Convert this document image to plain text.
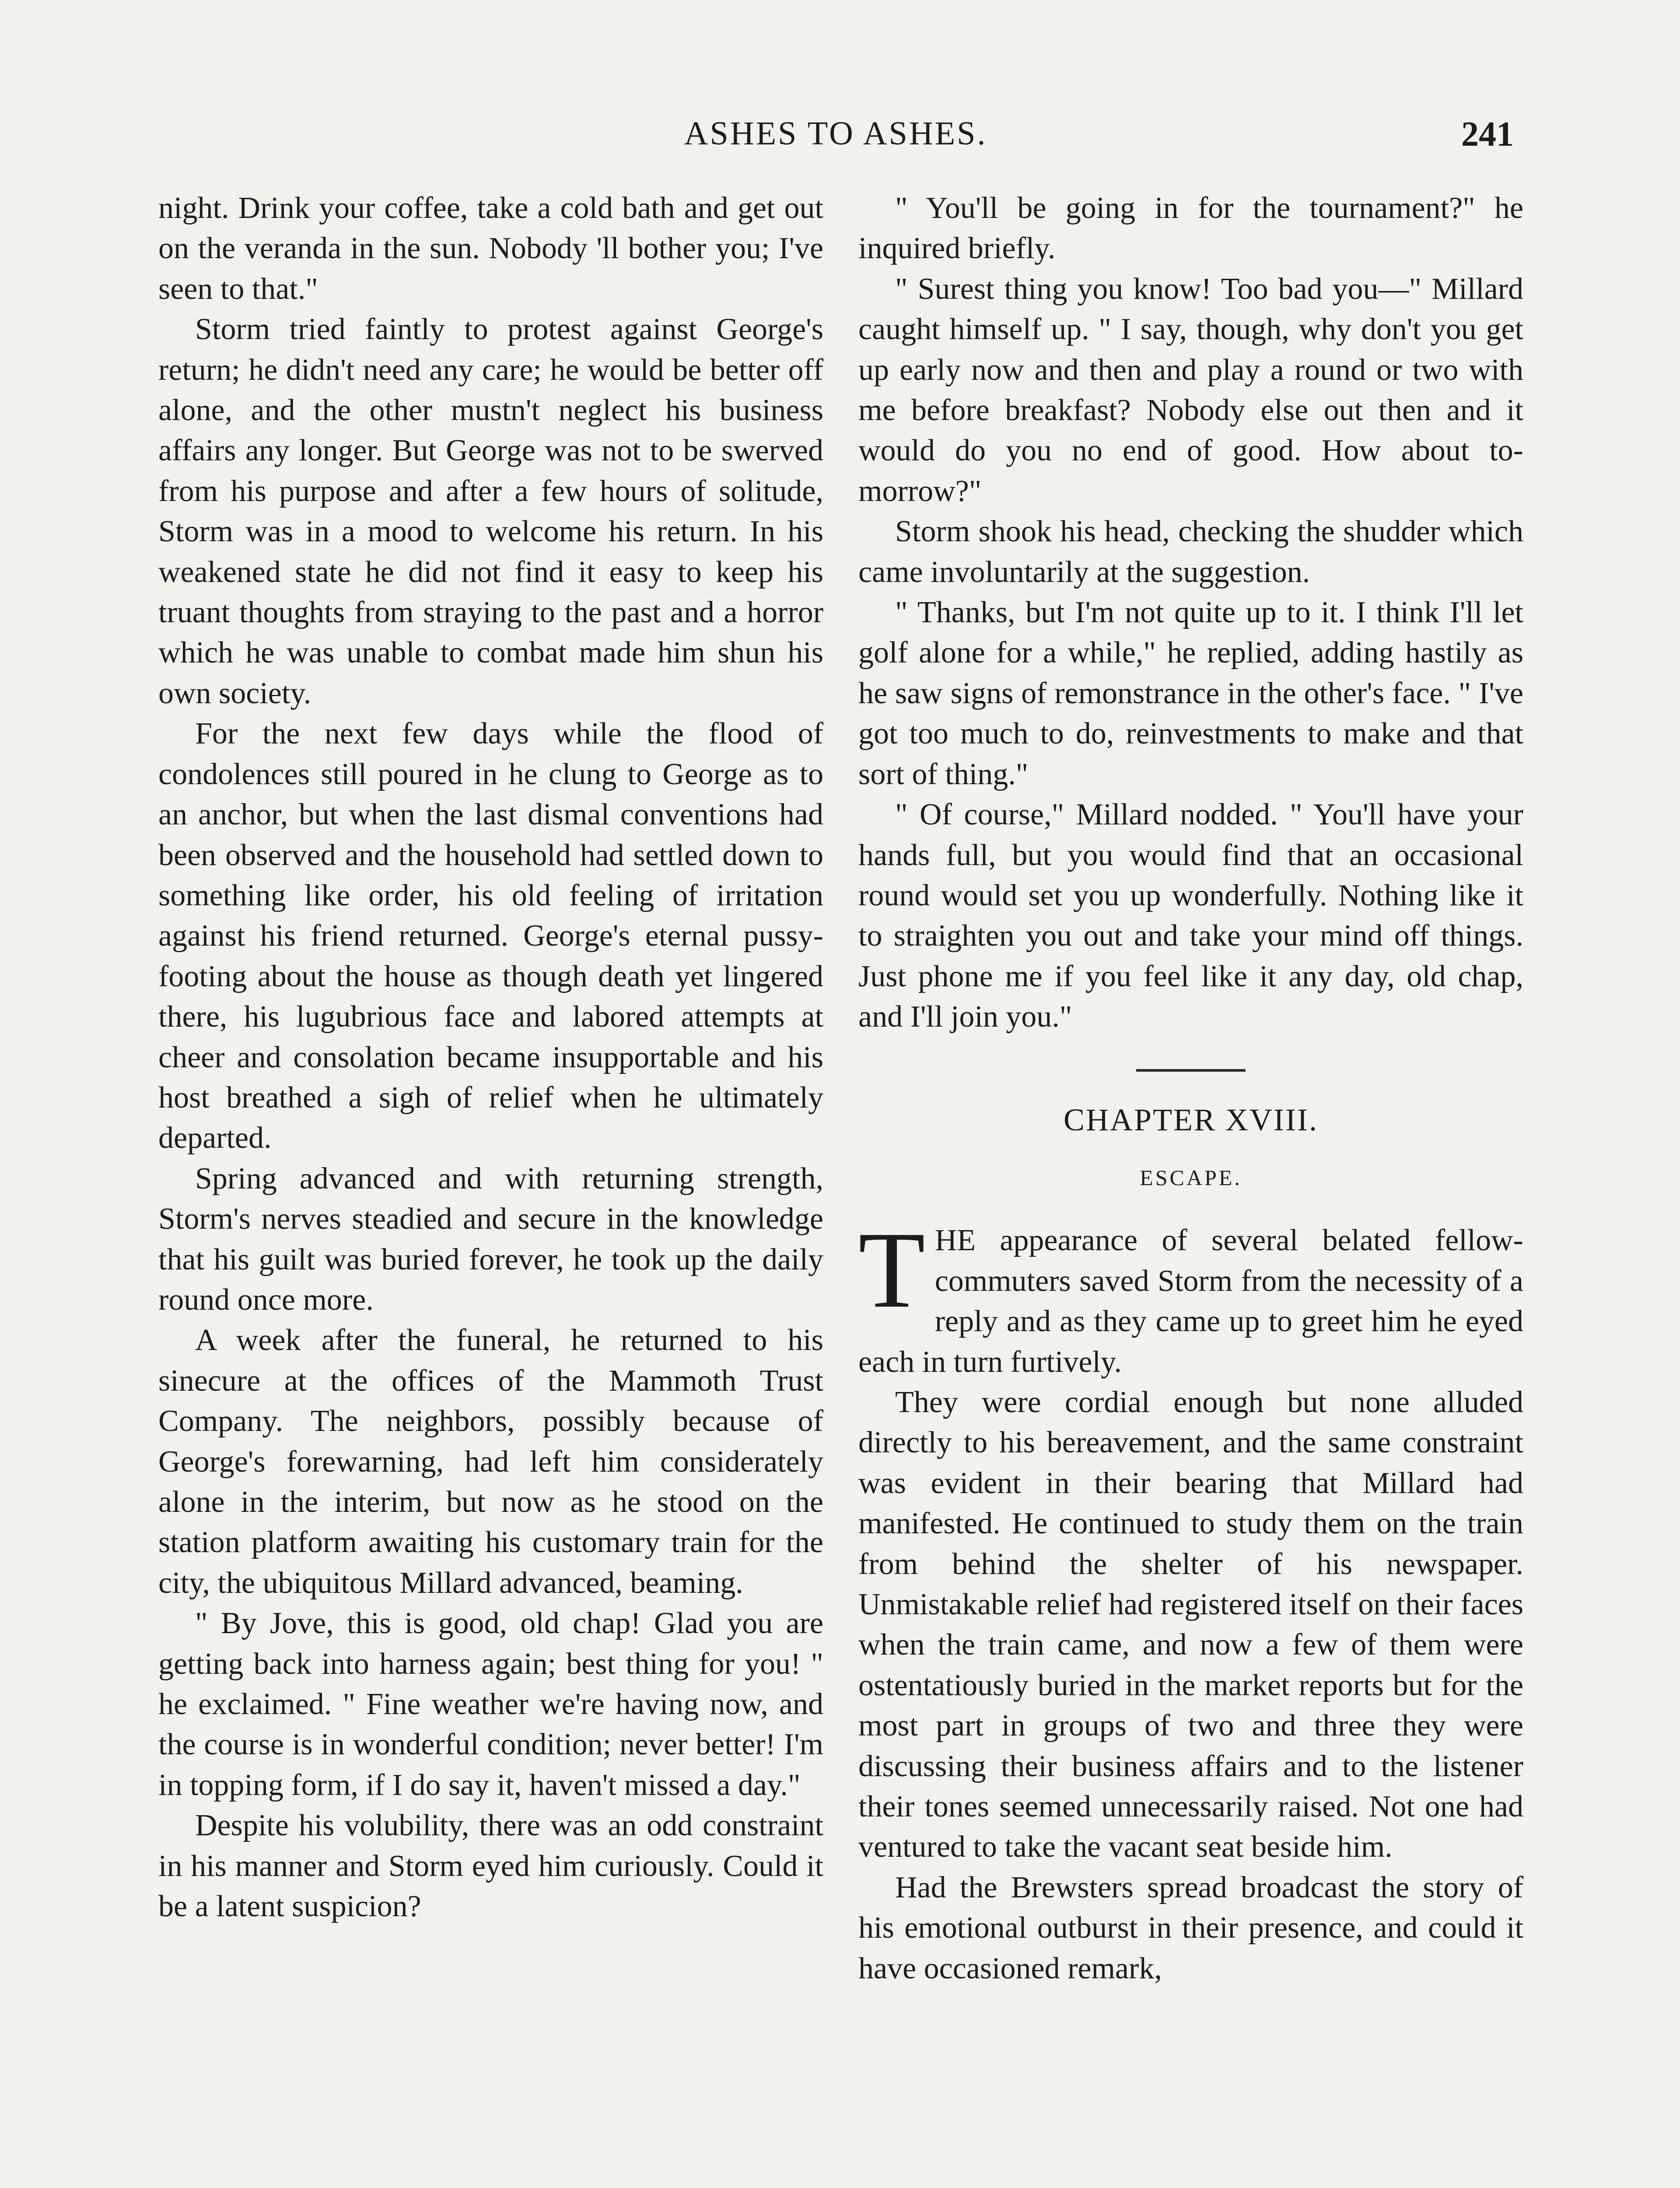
ASHES TO ASHES.	241

night. Drink your coffee, take a cold bath and get out on the veranda in the sun. Nobody 'll bother you; I've seen to that."

Storm tried faintly to protest against George's return; he didn't need any care; he would be better off alone, and the other mustn't neglect his business affairs any longer. But George was not to be swerved from his purpose and after a few hours of solitude, Storm was in a mood to welcome his return. In his weakened state he did not find it easy to keep his truant thoughts from straying to the past and a horror which he was unable to combat made him shun his own society.

For the next few days while the flood of condolences still poured in he clung to George as to an anchor, but when the last dismal conventions had been observed and the household had settled down to something like order, his old feeling of irritation against his friend returned. George's eternal pussy-footing about the house as though death yet lingered there, his lugubrious face and labored attempts at cheer and consolation became insupportable and his host breathed a sigh of relief when he ultimately departed.

Spring advanced and with returning strength, Storm's nerves steadied and secure in the knowledge that his guilt was buried forever, he took up the daily round once more.

A week after the funeral, he returned to his sinecure at the offices of the Mammoth Trust Company. The neighbors, possibly because of George's forewarning, had left him considerately alone in the interim, but now as he stood on the station platform awaiting his customary train for the city, the ubiquitous Millard advanced, beaming.

" By Jove, this is good, old chap! Glad you are getting back into harness again; best thing for you! " he exclaimed. " Fine weather we're having now, and the course is in wonderful condition; never better! I'm in topping form, if I do say it, haven't missed a day."

Despite his volubility, there was an odd constraint in his manner and Storm eyed him curiously. Could it be a latent suspicion?

" You'll be going in for the tournament?" he inquired briefly.

" Surest thing you know! Too bad you—" Millard caught himself up. " I say, though, why don't you get up early now and then and play a round or two with me before breakfast? Nobody else out then and it would do you no end of good. How about to-morrow?"

Storm shook his head, checking the shudder which came involuntarily at the suggestion.

" Thanks, but I'm not quite up to it. I think I'll let golf alone for a while," he replied, adding hastily as he saw signs of remonstrance in the other's face. " I've got too much to do, reinvestments to make and that sort of thing."

" Of course," Millard nodded. " You'll have your hands full, but you would find that an occasional round would set you up wonderfully. Nothing like it to straighten you out and take your mind off things. Just phone me if you feel like it any day, old chap, and I'll join you."

CHAPTER XVIII.
ESCAPE.

THE appearance of several belated fellow-commuters saved Storm from the necessity of a reply and as they came up to greet him he eyed each in turn furtively.

They were cordial enough but none alluded directly to his bereavement, and the same constraint was evident in their bearing that Millard had manifested. He continued to study them on the train from behind the shelter of his newspaper. Unmistakable relief had registered itself on their faces when the train came, and now a few of them were ostentatiously buried in the market reports but for the most part in groups of two and three they were discussing their business affairs and to the listener their tones seemed unnecessarily raised. Not one had ventured to take the vacant seat beside him.

Had the Brewsters spread broadcast the story of his emotional outburst in their presence, and could it have occasioned remark,
